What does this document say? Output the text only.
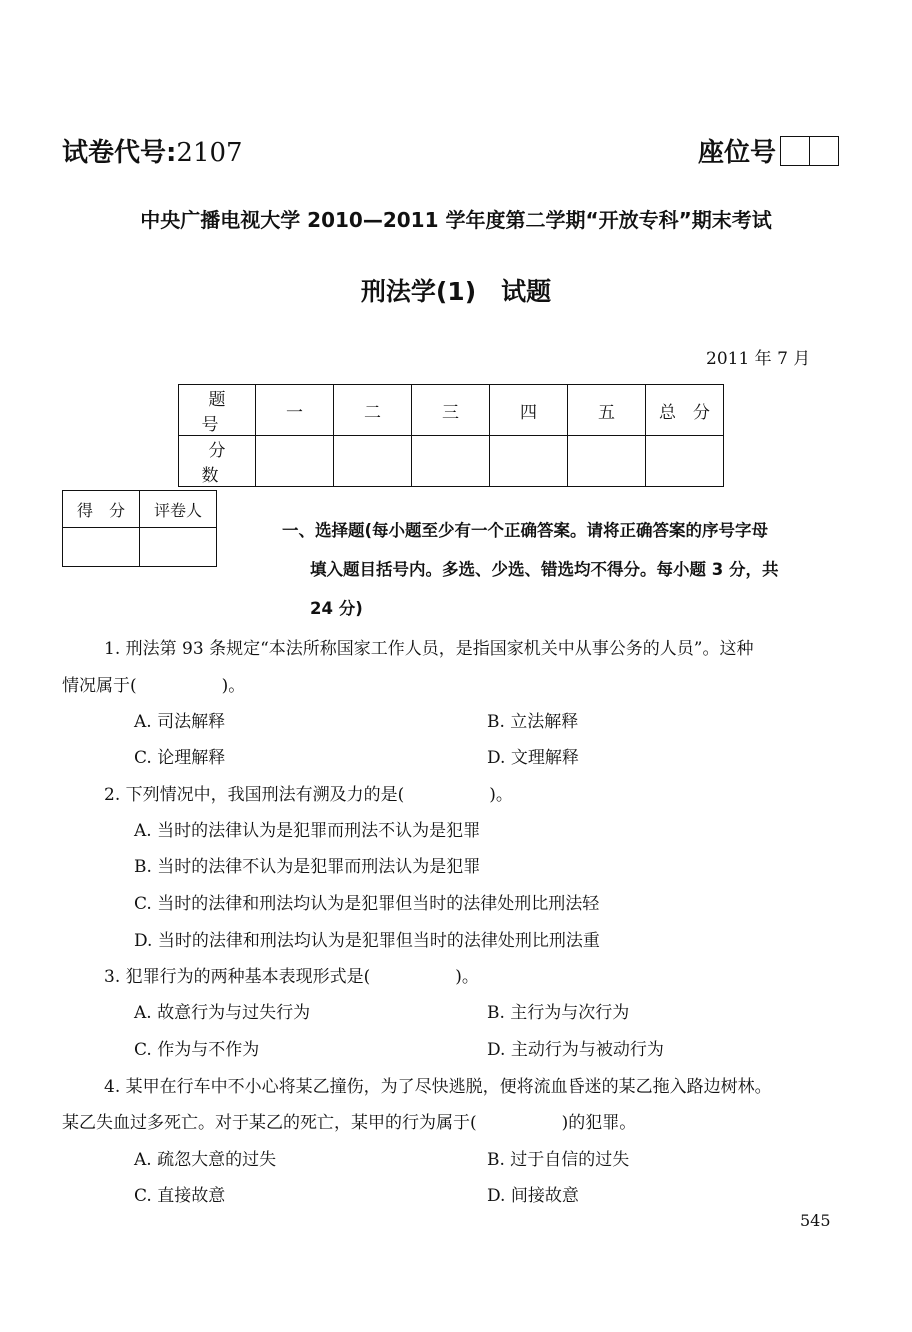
试卷代号:2107	座位号
中央广播电视大学 2010—2011 学年度第二学期“开放专科”期末考试
刑法学(1)　试题
2011 年 7 月
题　号	一	二	三	四	五	总　分
分　数						
得　分	评卷人

一、选择题(每小题至少有一个正确答案。请将正确答案的序号字母
填入题目括号内。多选、少选、错选均不得分。每小题 3 分，共
24 分)
1. 刑法第 93 条规定“本法所称国家工作人员，是指国家机关中从事公务的人员”。这种
情况属于(　　　　　)。
A. 司法解释	B. 立法解释
C. 论理解释	D. 文理解释
2. 下列情况中，我国刑法有溯及力的是(　　　　　)。
A. 当时的法律认为是犯罪而刑法不认为是犯罪
B. 当时的法律不认为是犯罪而刑法认为是犯罪
C. 当时的法律和刑法均认为是犯罪但当时的法律处刑比刑法轻
D. 当时的法律和刑法均认为是犯罪但当时的法律处刑比刑法重
3. 犯罪行为的两种基本表现形式是(　　　　　)。
A. 故意行为与过失行为	B. 主行为与次行为
C. 作为与不作为	D. 主动行为与被动行为
4. 某甲在行车中不小心将某乙撞伤，为了尽快逃脱，便将流血昏迷的某乙拖入路边树林。
某乙失血过多死亡。对于某乙的死亡，某甲的行为属于(　　　　　)的犯罪。
A. 疏忽大意的过失	B. 过于自信的过失
C. 直接故意	D. 间接故意
545
